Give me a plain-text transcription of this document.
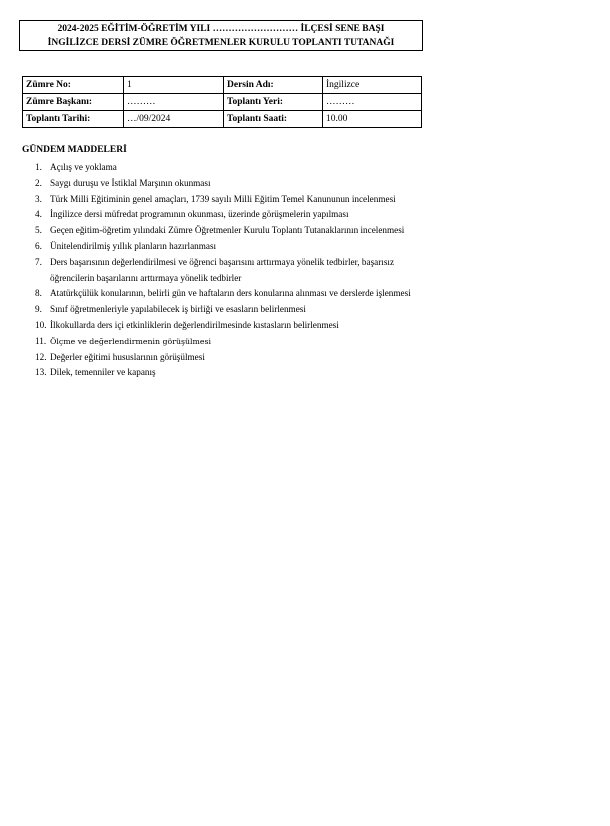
2024-2025 EĞİTİM-ÖĞRETİM YILI ……………………… İLÇESİ SENE BAŞI
İNGİLİZCE DERSİ ZÜMRE ÖĞRETMENLER KURULU TOPLANTI TUTANAĞI
Zümre No:	1	Dersin Adı:	İngilizce
Zümre Başkanı:	………	Toplantı Yeri:	………
Toplantı Tarihi:	…/09/2024	Toplantı Saati:	10.00
GÜNDEM MADDELERİ
1. Açılış ve yoklama
2. Saygı duruşu ve İstiklal Marşının okunması
3. Türk Milli Eğitiminin genel amaçları, 1739 sayılı Milli Eğitim Temel Kanununun incelenmesi
4. İngilizce dersi müfredat programının okunması, üzerinde görüşmelerin yapılması
5. Geçen eğitim-öğretim yılındaki Zümre Öğretmenler Kurulu Toplantı Tutanaklarının incelenmesi
6. Ünitelendirilmiş yıllık planların hazırlanması
7. Ders başarısının değerlendirilmesi ve öğrenci başarısını arttırmaya yönelik tedbirler, başarısız öğrencilerin başarılarını arttırmaya yönelik tedbirler
8. Atatürkçülük konularının, belirli gün ve haftaların ders konularına alınması ve derslerde işlenmesi
9. Sınıf öğretmenleriyle yapılabilecek iş birliği ve esasların belirlenmesi
10. İlkokullarda ders içi etkinliklerin değerlendirilmesinde kıstasların belirlenmesi
11. Ölçme ve değerlendirmenin görüşülmesi
12. Değerler eğitimi hususlarının görüşülmesi
13. Dilek, temenniler ve kapanış
